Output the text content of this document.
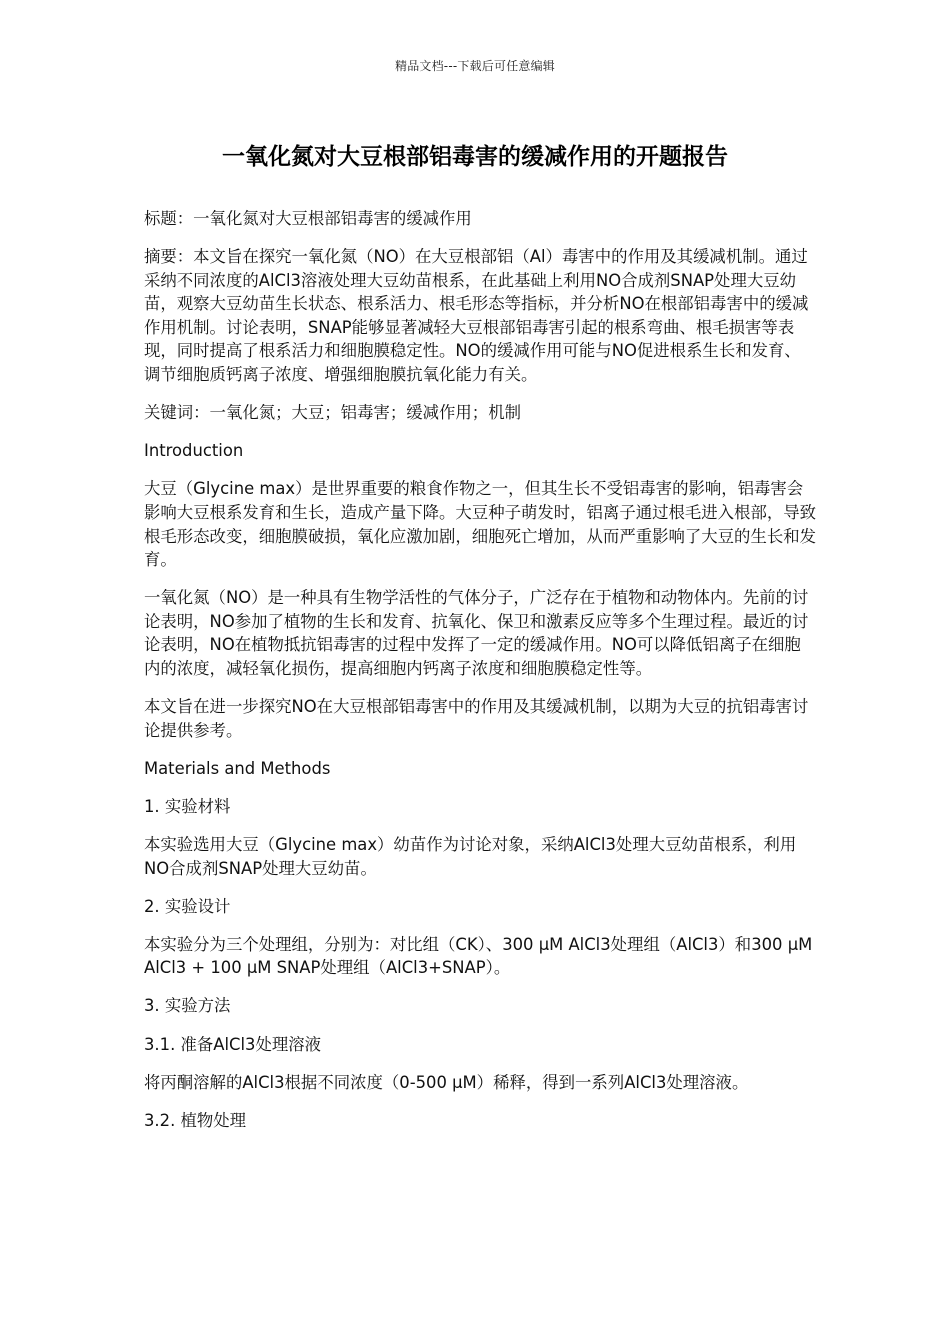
精品文档---下载后可任意编辑
一氧化氮对大豆根部铝毒害的缓减作用的开题报告

标题：一氧化氮对大豆根部铝毒害的缓减作用

摘要：本文旨在探究一氧化氮（NO）在大豆根部铝（Al）毒害中的作用及其缓减机制。通过采纳不同浓度的AlCl3溶液处理大豆幼苗根系，在此基础上利用NO合成剂SNAP处理大豆幼苗，观察大豆幼苗生长状态、根系活力、根毛形态等指标，并分析NO在根部铝毒害中的缓减作用机制。讨论表明，SNAP能够显著减轻大豆根部铝毒害引起的根系弯曲、根毛损害等表现，同时提高了根系活力和细胞膜稳定性。NO的缓减作用可能与NO促进根系生长和发育、调节细胞质钙离子浓度、增强细胞膜抗氧化能力有关。

关键词：一氧化氮；大豆；铝毒害；缓减作用；机制

Introduction

大豆（Glycine max）是世界重要的粮食作物之一，但其生长不受铝毒害的影响，铝毒害会影响大豆根系发育和生长，造成产量下降。大豆种子萌发时，铝离子通过根毛进入根部，导致根毛形态改变，细胞膜破损，氧化应激加剧，细胞死亡增加，从而严重影响了大豆的生长和发育。

一氧化氮（NO）是一种具有生物学活性的气体分子，广泛存在于植物和动物体内。先前的讨论表明，NO参加了植物的生长和发育、抗氧化、保卫和激素反应等多个生理过程。最近的讨论表明，NO在植物抵抗铝毒害的过程中发挥了一定的缓减作用。NO可以降低铝离子在细胞内的浓度，减轻氧化损伤，提高细胞内钙离子浓度和细胞膜稳定性等。

本文旨在进一步探究NO在大豆根部铝毒害中的作用及其缓减机制，以期为大豆的抗铝毒害讨论提供参考。

Materials and Methods

1. 实验材料

本实验选用大豆（Glycine max）幼苗作为讨论对象，采纳AlCl3处理大豆幼苗根系，利用NO合成剂SNAP处理大豆幼苗。

2. 实验设计

本实验分为三个处理组，分别为：对比组（CK）、300 μM AlCl3处理组（AlCl3）和300 μM AlCl3 + 100 μM SNAP处理组（AlCl3+SNAP）。

3. 实验方法

3.1. 准备AlCl3处理溶液

将丙酮溶解的AlCl3根据不同浓度（0-500 μM）稀释，得到一系列AlCl3处理溶液。

3.2. 植物处理
